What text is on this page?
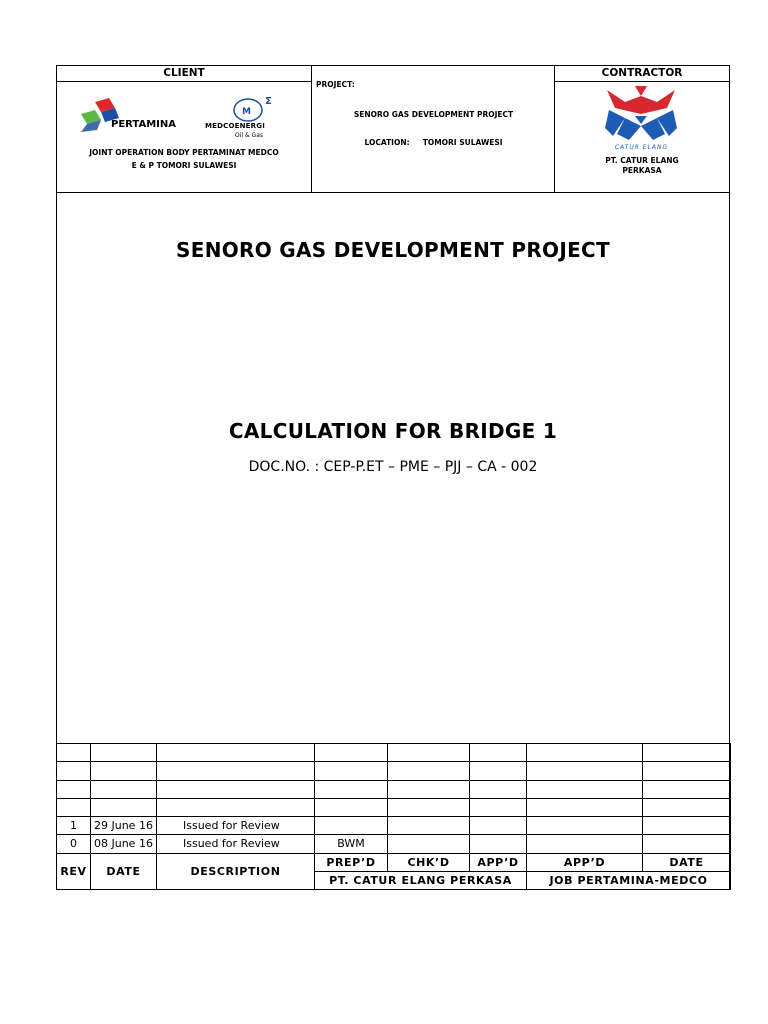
CLIENT
M
Σ
PERTAMINA	MEDCOENERGI
Oil & Gas
JOINT OPERATION BODY PERTAMINAT MEDCO
E & P TOMORI SULAWESI
PROJECT:
SENORO GAS DEVELOPMENT PROJECT
LOCATION: TOMORI SULAWESI
CONTRACTOR
CATUR ELANG
PT. CATUR ELANG
PERKASA
SENORO GAS DEVELOPMENT PROJECT
CALCULATION FOR BRIDGE 1
DOC.NO. : CEP-P.ET – PME – PJJ – CA - 002

1	29 June 16	Issued for Review					
0	08 June 16	Issued for Review	BWM				
REV	DATE	DESCRIPTION	PREP’D	CHK’D	APP’D	APP’D	DATE
			PT. CATUR ELANG PERKASA			JOB PERTAMINA-MEDCO	
